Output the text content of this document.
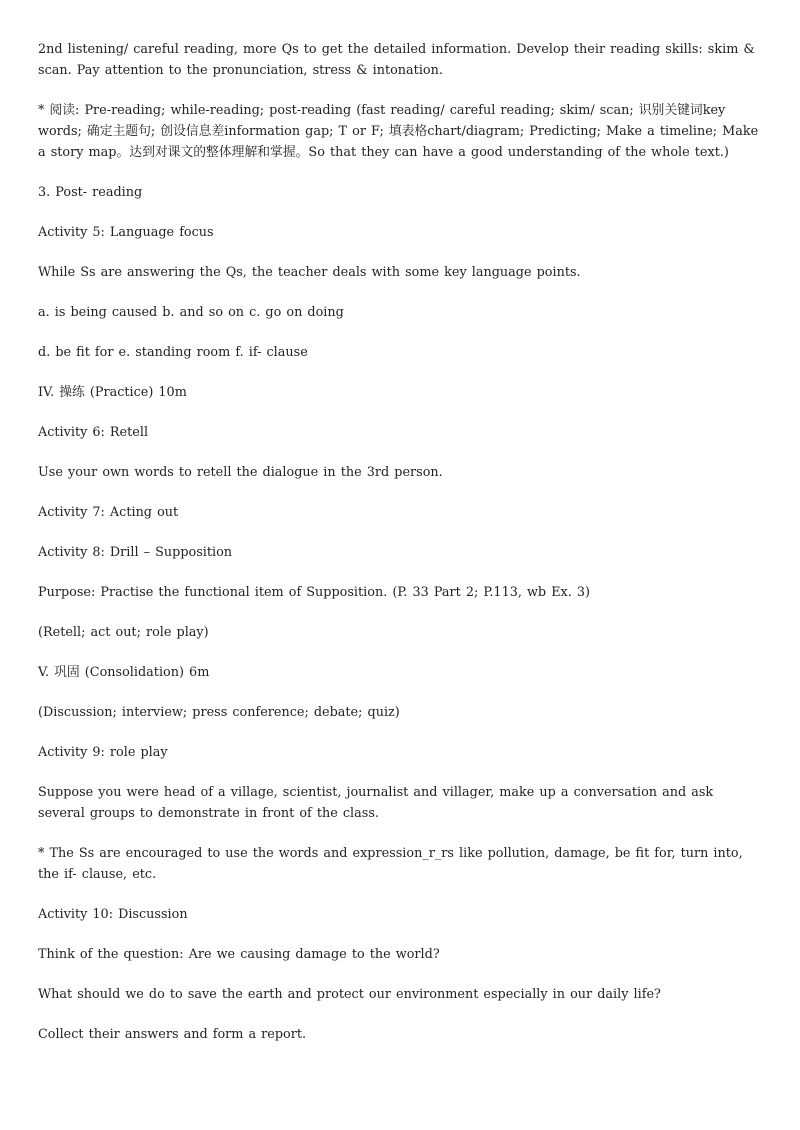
2nd listening/ careful reading, more Qs to get the detailed information. Develop their reading skills: skim & scan. Pay attention to the pronunciation, stress & intonation.

* 阅读: Pre-reading; while-reading; post-reading (fast reading/ careful reading; skim/ scan; 识别关键词key words; 确定主题句; 创设信息差information gap; T or F; 填表格chart/diagram; Predicting; Make a timeline; Make a story map。达到对课文的整体理解和掌握。So that they can have a good understanding of the whole text.)

3. Post- reading

Activity 5: Language focus

While Ss are answering the Qs, the teacher deals with some key language points.

a. is being caused b. and so on c. go on doing

d. be fit for e. standing room f. if- clause

IV. 操练 (Practice) 10m

Activity 6: Retell

Use your own words to retell the dialogue in the 3rd person.

Activity 7: Acting out

Activity 8: Drill – Supposition

Purpose: Practise the functional item of Supposition. (P. 33 Part 2; P.113, wb Ex. 3)

(Retell; act out; role play)

V. 巩固 (Consolidation) 6m

(Discussion; interview; press conference; debate; quiz)

Activity 9: role play

Suppose you were head of a village, scientist, journalist and villager, make up a conversation and ask several groups to demonstrate in front of the class.

* The Ss are encouraged to use the words and expression_r_rs like pollution, damage, be fit for, turn into, the if- clause, etc.

Activity 10: Discussion

Think of the question: Are we causing damage to the world?

What should we do to save the earth and protect our environment especially in our daily life?

Collect their answers and form a report.
